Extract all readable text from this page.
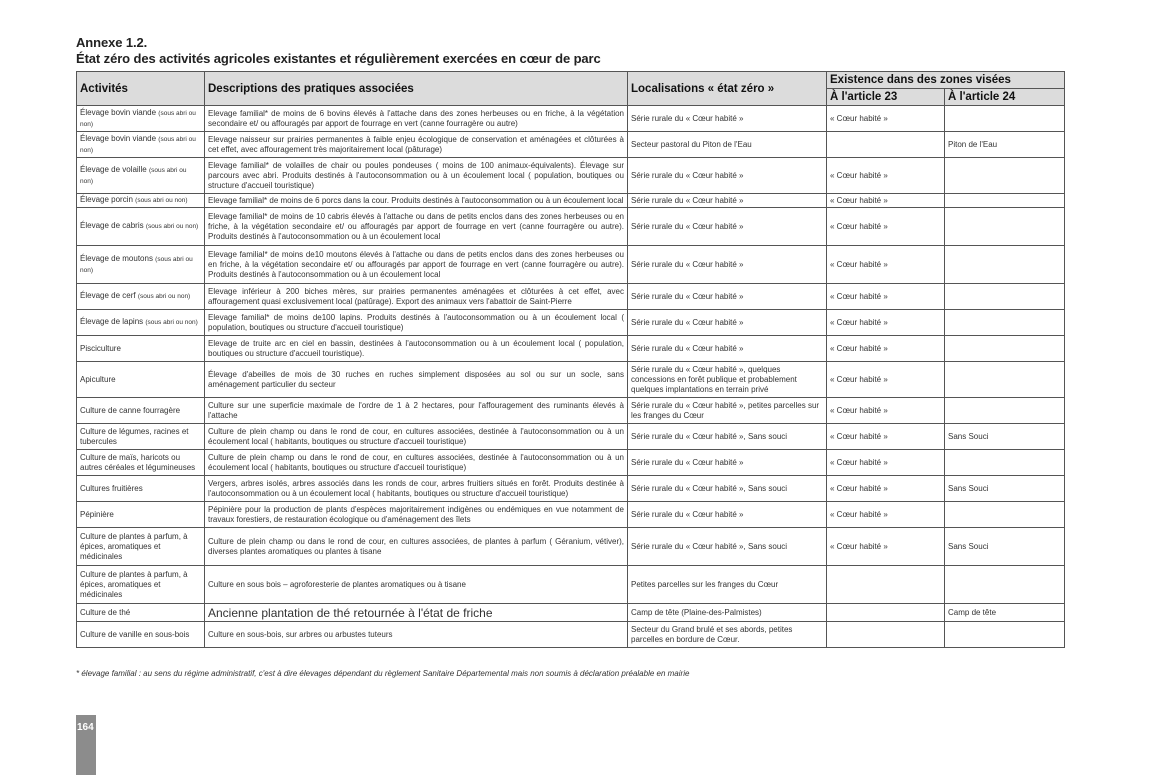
Annexe 1.2.
État zéro des activités agricoles existantes et régulièrement exercées en cœur de parc
Activités	Descriptions des pratiques associées	Localisations « état zéro »	Existence dans des zones visées	
			À l'article 23	À l'article 24
Élevage bovin viande (sous abri ou non)	Elevage familial* de moins de 6 bovins élevés à l'attache dans des zones herbeuses ou en friche, à la végétation secondaire et/ ou affouragés par apport de fourrage en vert (canne fourragère ou autre)	Série rurale du « Cœur habité »	« Cœur habité »	
Élevage bovin viande (sous abri ou non)	Elevage naisseur sur prairies permanentes à faible enjeu écologique de conservation et aménagées et clôturées à cet effet, avec affouragement très majoritairement local (pâturage)	Secteur pastoral du Piton de l'Eau		Piton de l'Eau
Élevage de volaille (sous abri ou non)	Elevage familial* de volailles de chair ou poules pondeuses ( moins de 100 animaux-équivalents). Élevage sur parcours avec abri. Produits destinés à l'autoconsommation ou à un écoulement local ( population, boutiques ou structure d'accueil touristique)	Série rurale du « Cœur habité »	« Cœur habité »	
Élevage porcin (sous abri ou non)	Elevage familial* de moins de 6 porcs dans la cour. Produits destinés à l'autoconsommation ou à un écoulement local	Série rurale du « Cœur habité »	« Cœur habité »	
Élevage de cabris (sous abri ou non)	Elevage familial* de moins de 10 cabris élevés à l'attache ou dans de petits enclos dans des zones herbeuses ou en friche, à la végétation secondaire et/ ou affouragés par apport de fourrage en vert (canne fourragère ou autre). Produits destinés à l'autoconsommation ou à un écoulement local	Série rurale du « Cœur habité »	« Cœur habité »	
Élevage de moutons (sous abri ou non)	Elevage familial* de moins de10 moutons élevés à l'attache ou dans de petits enclos dans des zones herbeuses ou en friche, à la végétation secondaire et/ ou affouragés par apport de fourrage en vert (canne fourragère ou autre). Produits destinés à l'autoconsommation ou à un écoulement local	Série rurale du « Cœur habité »	« Cœur habité »	
Élevage de cerf (sous abri ou non)	Elevage inférieur à 200 biches mères, sur prairies permanentes aménagées et clôturées à cet effet, avec affouragement quasi exclusivement local (patûrage). Export des animaux vers l'abattoir de Saint-Pierre	Série rurale du « Cœur habité »	« Cœur habité »	
Élevage de lapins (sous abri ou non)	Elevage familial* de moins de100 lapins. Produits destinés à l'autoconsommation ou à un écoulement local ( population, boutiques ou structure d'accueil touristique)	Série rurale du « Cœur habité »	« Cœur habité »	
Pisciculture	Elevage de truite arc en ciel en bassin, destinées à l'autoconsommation ou à un écoulement local ( population, boutiques ou structure d'accueil touristique).	Série rurale du « Cœur habité »	« Cœur habité »	
Apiculture	Élevage d'abeilles de mois de 30 ruches en ruches simplement disposées au sol ou sur un socle, sans aménagement particulier du secteur	Série rurale du « Cœur habité », quelques concessions en forêt publique et probablement quelques implantations en terrain privé	« Cœur habité »	
Culture de canne fourragère	Culture sur une superficie maximale de l'ordre de 1 à 2 hectares, pour l'affouragement des ruminants élevés à l'attache	Série rurale du « Cœur habité », petites parcelles sur les franges du Cœur	« Cœur habité »	
Culture de légumes, racines et tubercules	Culture de plein champ ou dans le rond de cour, en cultures associées, destinée à l'autoconsommation ou à un écoulement local ( habitants, boutiques ou structure d'accueil touristique)	Série rurale du « Cœur habité », Sans souci	« Cœur habité »	Sans Souci
Culture de maïs, haricots ou autres céréales et légumineuses	Culture de plein champ ou dans le rond de cour, en cultures associées, destinée à l'autoconsommation ou à un écoulement local ( habitants, boutiques ou structure d'accueil touristique)	Série rurale du « Cœur habité »	« Cœur habité »	
Cultures fruitières	Vergers, arbres isolés, arbres associés dans les ronds de cour, arbres fruitiers situés en forêt. Produits destinée à l'autoconsommation ou à un écoulement local ( habitants, boutiques ou structure d'accueil touristique)	Série rurale du « Cœur habité », Sans souci	« Cœur habité »	Sans Souci
Pépinière	Pépinière pour la production de plants d'espèces majoritairement indigènes ou endémiques en vue notamment de travaux forestiers, de restauration écologique ou d'aménagement des îlets	Série rurale du « Cœur habité »	« Cœur habité »	
Culture de plantes à parfum, à épices, aromatiques et médicinales	Culture de plein champ ou dans le rond de cour, en cultures associées, de plantes à parfum ( Géranium, vétiver), diverses plantes aromatiques ou plantes à tisane	Série rurale du « Cœur habité », Sans souci	« Cœur habité »	Sans Souci
Culture de plantes à parfum, à épices, aromatiques et médicinales	Culture en sous bois – agroforesterie de plantes aromatiques ou à tisane	Petites parcelles sur les franges du Cœur		
Culture de thé	Ancienne plantation de thé retournée à l'état de friche	Camp de tête (Plaine-des-Palmistes)		Camp de tête
Culture de vanille en sous-bois	Culture en sous-bois, sur arbres ou arbustes tuteurs	Secteur du Grand brulé et ses abords, petites parcelles en bordure de Cœur.		
* élevage familial : au sens du régime administratif, c'est à dire élevages dépendant du règlement Sanitaire Départemental mais non soumis à déclaration préalable en mairie
164
